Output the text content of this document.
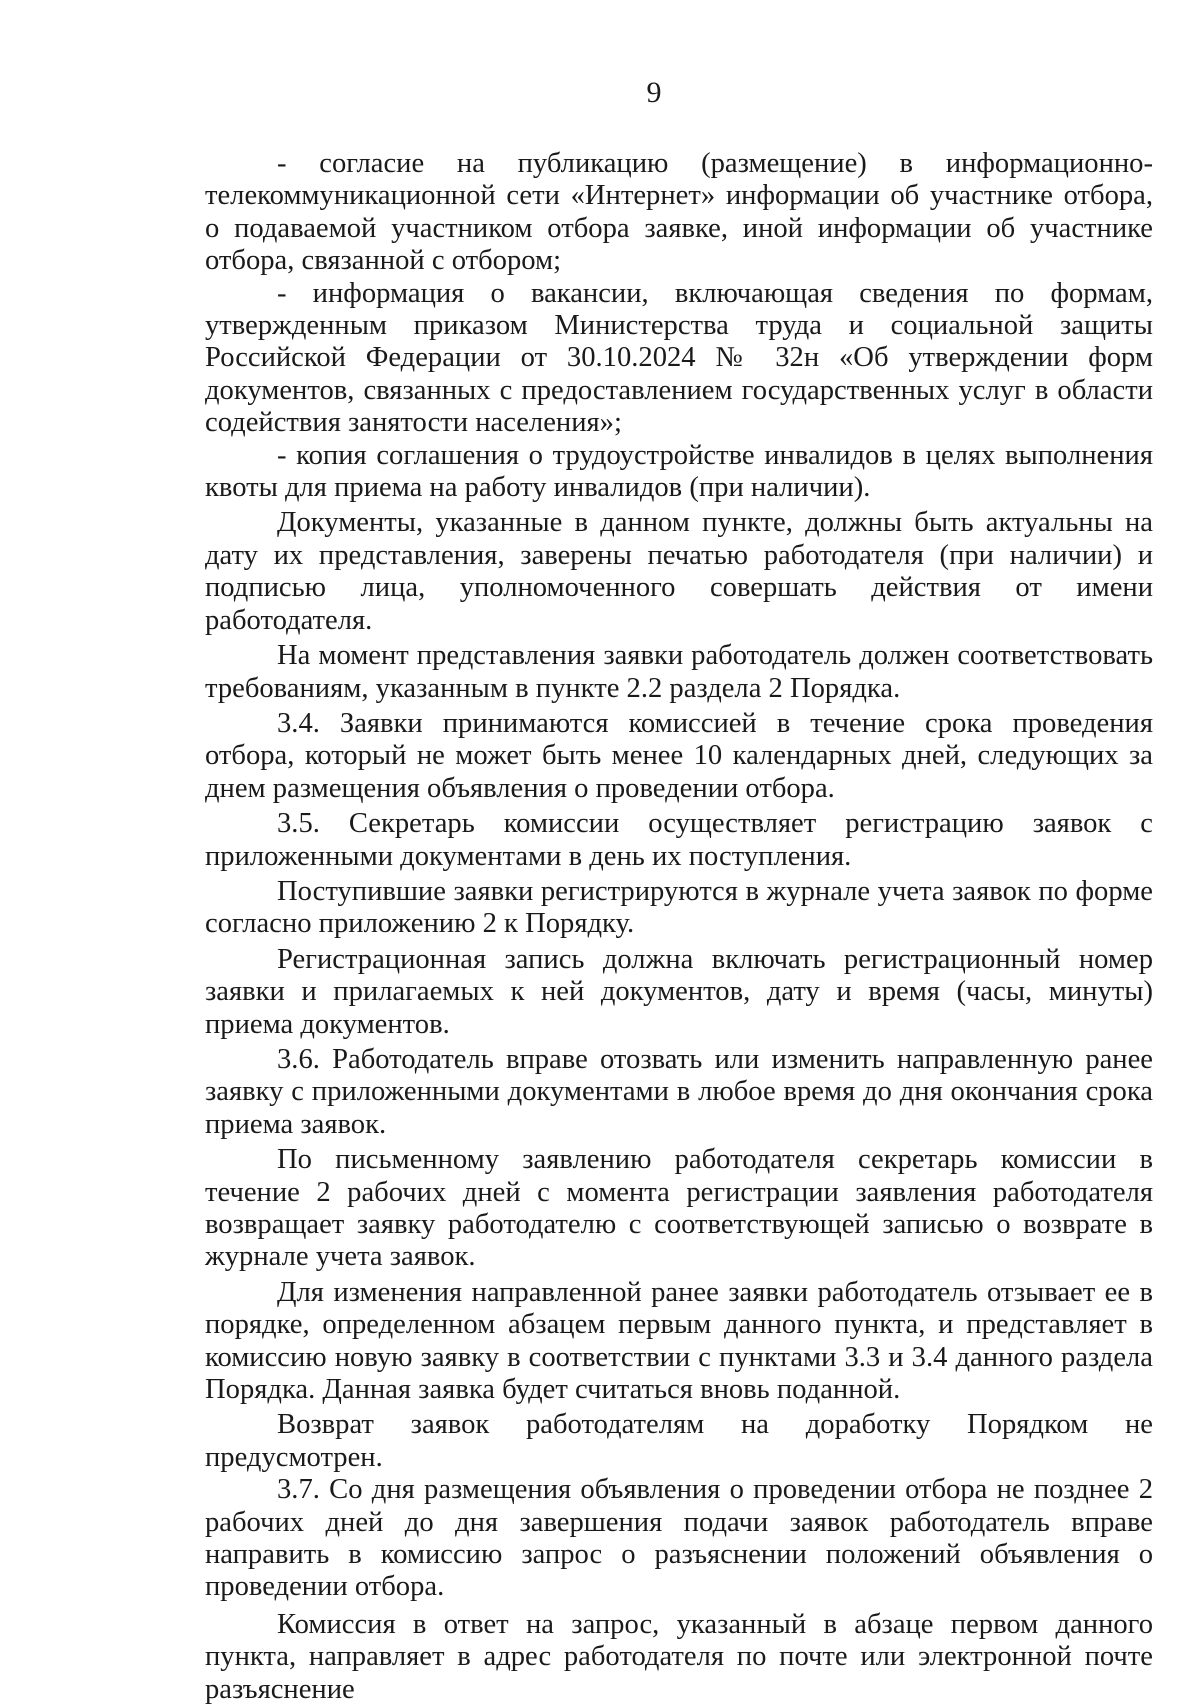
9

- согласие на публикацию (размещение) в информационно-телекоммуникационной сети «Интернет» информации об участнике отбора, о подаваемой участником отбора заявке, иной информации об участнике отбора, связанной с отбором;

- информация о вакансии, включающая сведения по формам, утвержденным приказом Министерства труда и социальной защиты Российской Федерации от 30.10.2024 № 32н «Об утверждении форм документов, связанных с предоставлением государственных услуг в области содействия занятости населения»;

- копия соглашения о трудоустройстве инвалидов в целях выполнения квоты для приема на работу инвалидов (при наличии).

Документы, указанные в данном пункте, должны быть актуальны на дату их представления, заверены печатью работодателя (при наличии) и подписью лица, уполномоченного совершать действия от имени работодателя.

На момент представления заявки работодатель должен соответствовать требованиям, указанным в пункте 2.2 раздела 2 Порядка.

3.4. Заявки принимаются комиссией в течение срока проведения отбора, который не может быть менее 10 календарных дней, следующих за днем размещения объявления о проведении отбора.

3.5. Секретарь комиссии осуществляет регистрацию заявок с приложенными документами в день их поступления.

Поступившие заявки регистрируются в журнале учета заявок по форме согласно приложению 2 к Порядку.

Регистрационная запись должна включать регистрационный номер заявки и прилагаемых к ней документов, дату и время (часы, минуты) приема документов.

3.6. Работодатель вправе отозвать или изменить направленную ранее заявку с приложенными документами в любое время до дня окончания срока приема заявок.

По письменному заявлению работодателя секретарь комиссии в течение 2 рабочих дней с момента регистрации заявления работодателя возвращает заявку работодателю с соответствующей записью о возврате в журнале учета заявок.

Для изменения направленной ранее заявки работодатель отзывает ее в порядке, определенном абзацем первым данного пункта, и представляет в комиссию новую заявку в соответствии с пунктами 3.3 и 3.4 данного раздела Порядка. Данная заявка будет считаться вновь поданной.

Возврат заявок работодателям на доработку Порядком не предусмотрен.

3.7. Со дня размещения объявления о проведении отбора не позднее 2 рабочих дней до дня завершения подачи заявок работодатель вправе направить в комиссию запрос о разъяснении положений объявления о проведении отбора.

Комиссия в ответ на запрос, указанный в абзаце первом данного пункта, направляет в адрес работодателя по почте или электронной почте разъяснение
